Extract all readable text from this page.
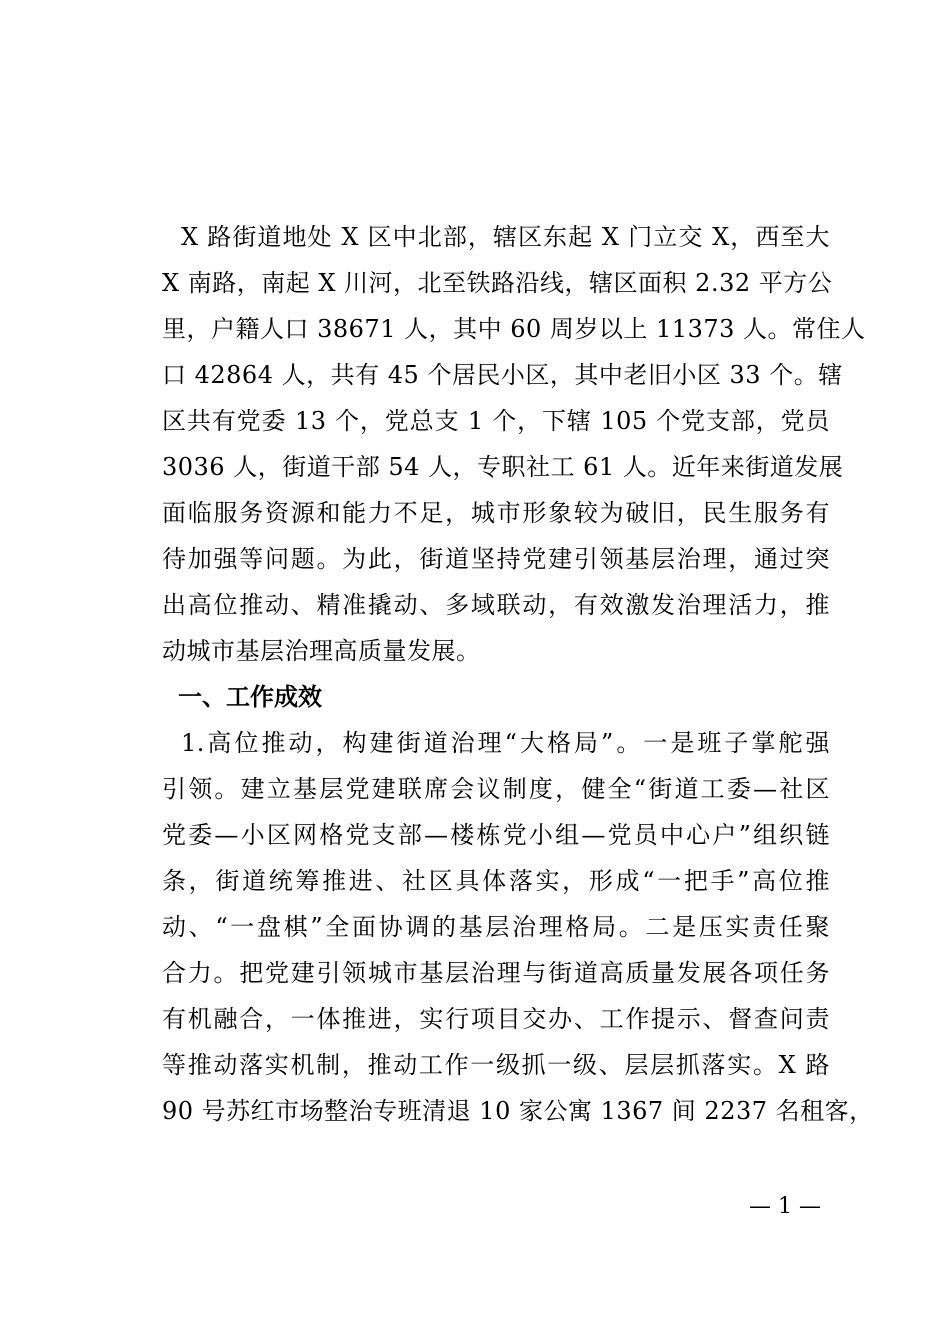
X 路街道地处 X 区中北部，辖区东起 X 门立交 X，西至大
X 南路，南起 X 川河，北至铁路沿线，辖区面积 2.32 平方公
里，户籍人口 38671 人，其中 60 周岁以上 11373 人。常住人
口 42864 人，共有 45 个居民小区，其中老旧小区 33 个。辖
区共有党委 13 个，党总支 1 个，下辖 105 个党支部，党员
3036 人，街道干部 54 人，专职社工 61 人。近年来街道发展
面临服务资源和能力不足，城市形象较为破旧，民生服务有
待加强等问题。为此，街道坚持党建引领基层治理，通过突
出高位推动、精准撬动、多域联动，有效激发治理活力，推
动城市基层治理高质量发展。
一、工作成效
1.高位推动，构建街道治理“大格局”。一是班子掌舵强
引领。建立基层党建联席会议制度，健全“街道工委—社区
党委—小区网格党支部—楼栋党小组—党员中心户”组织链
条，街道统筹推进、社区具体落实，形成“一把手”高位推
动、“一盘棋”全面协调的基层治理格局。二是压实责任聚
合力。把党建引领城市基层治理与街道高质量发展各项任务
有机融合，一体推进，实行项目交办、工作提示、督查问责
等推动落实机制，推动工作一级抓一级、层层抓落实。X 路
90 号苏红市场整治专班清退 10 家公寓 1367 间 2237 名租客，
— 1 —
